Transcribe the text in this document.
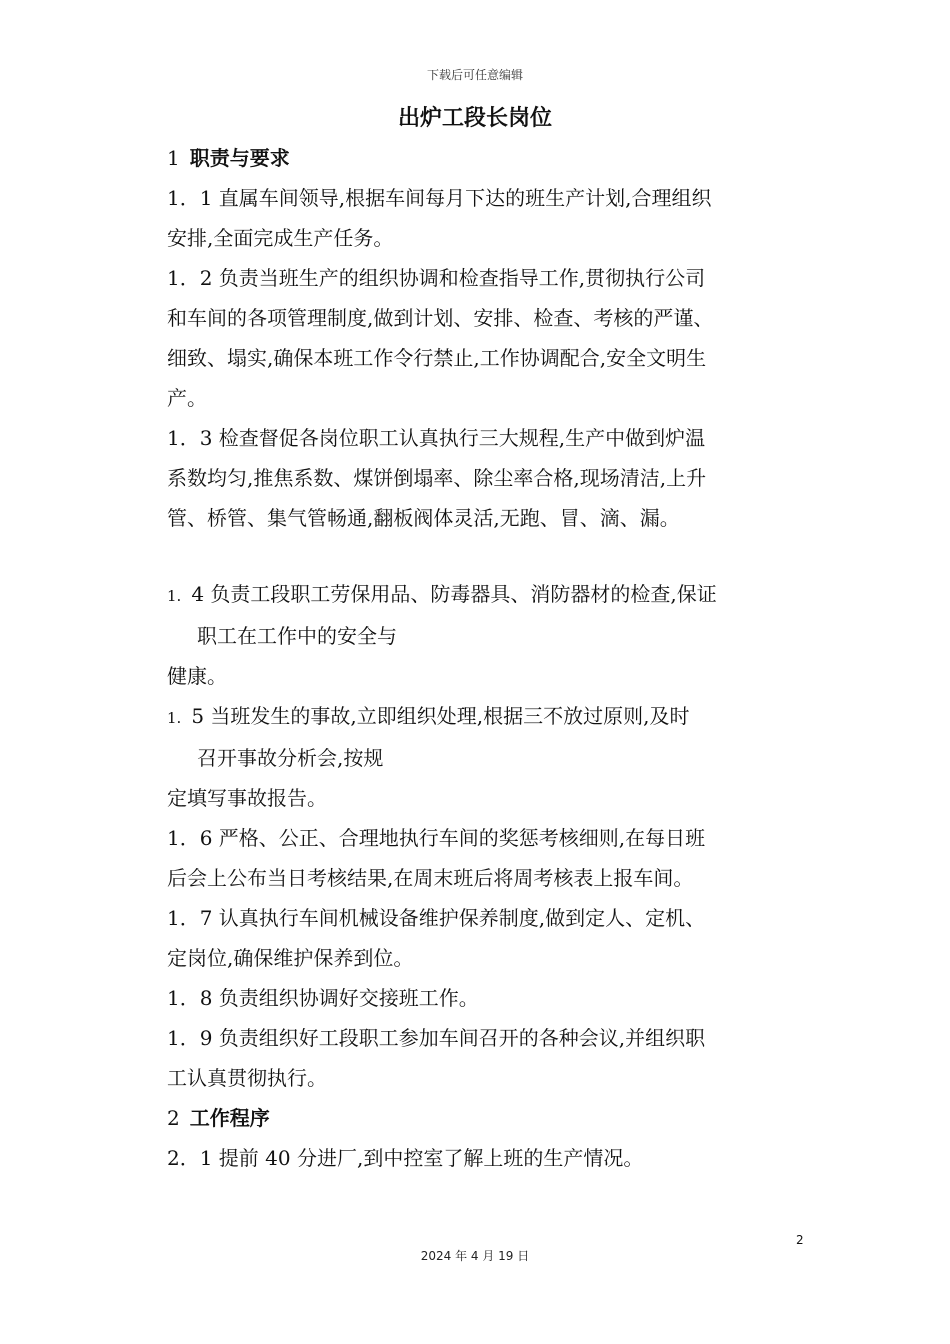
下载后可任意编辑
出炉工段长岗位

1 职责与要求

1．1 直属车间领导,根据车间每月下达的班生产计划,合理组织

安排,全面完成生产任务。

1．2 负责当班生产的组织协调和检查指导工作,贯彻执行公司

和车间的各项管理制度,做到计划、安排、检查、考核的严谨、

细致、塌实,确保本班工作令行禁止,工作协调配合,安全文明生

产。

1．3 检查督促各岗位职工认真执行三大规程,生产中做到炉温

系数均匀,推焦系数、煤饼倒塌率、除尘率合格,现场清洁,上升

管、桥管、集气管畅通,翻板阀体灵活,无跑、冒、滴、漏。

1. 4 负责工段职工劳保用品、防毒器具、消防器材的检查,保证

职工在工作中的安全与

健康。

1. 5 当班发生的事故,立即组织处理,根据三不放过原则,及时

召开事故分析会,按规

定填写事故报告。

1．6 严格、公正、合理地执行车间的奖惩考核细则,在每日班

后会上公布当日考核结果,在周末班后将周考核表上报车间。

1．7 认真执行车间机械设备维护保养制度,做到定人、定机、

定岗位,确保维护保养到位。

1．8 负责组织协调好交接班工作。

1．9 负责组织好工段职工参加车间召开的各种会议,并组织职

工认真贯彻执行。

2 工作程序

2．1 提前 40 分进厂,到中控室了解上班的生产情况。

2
2024 年 4 月 19 日
